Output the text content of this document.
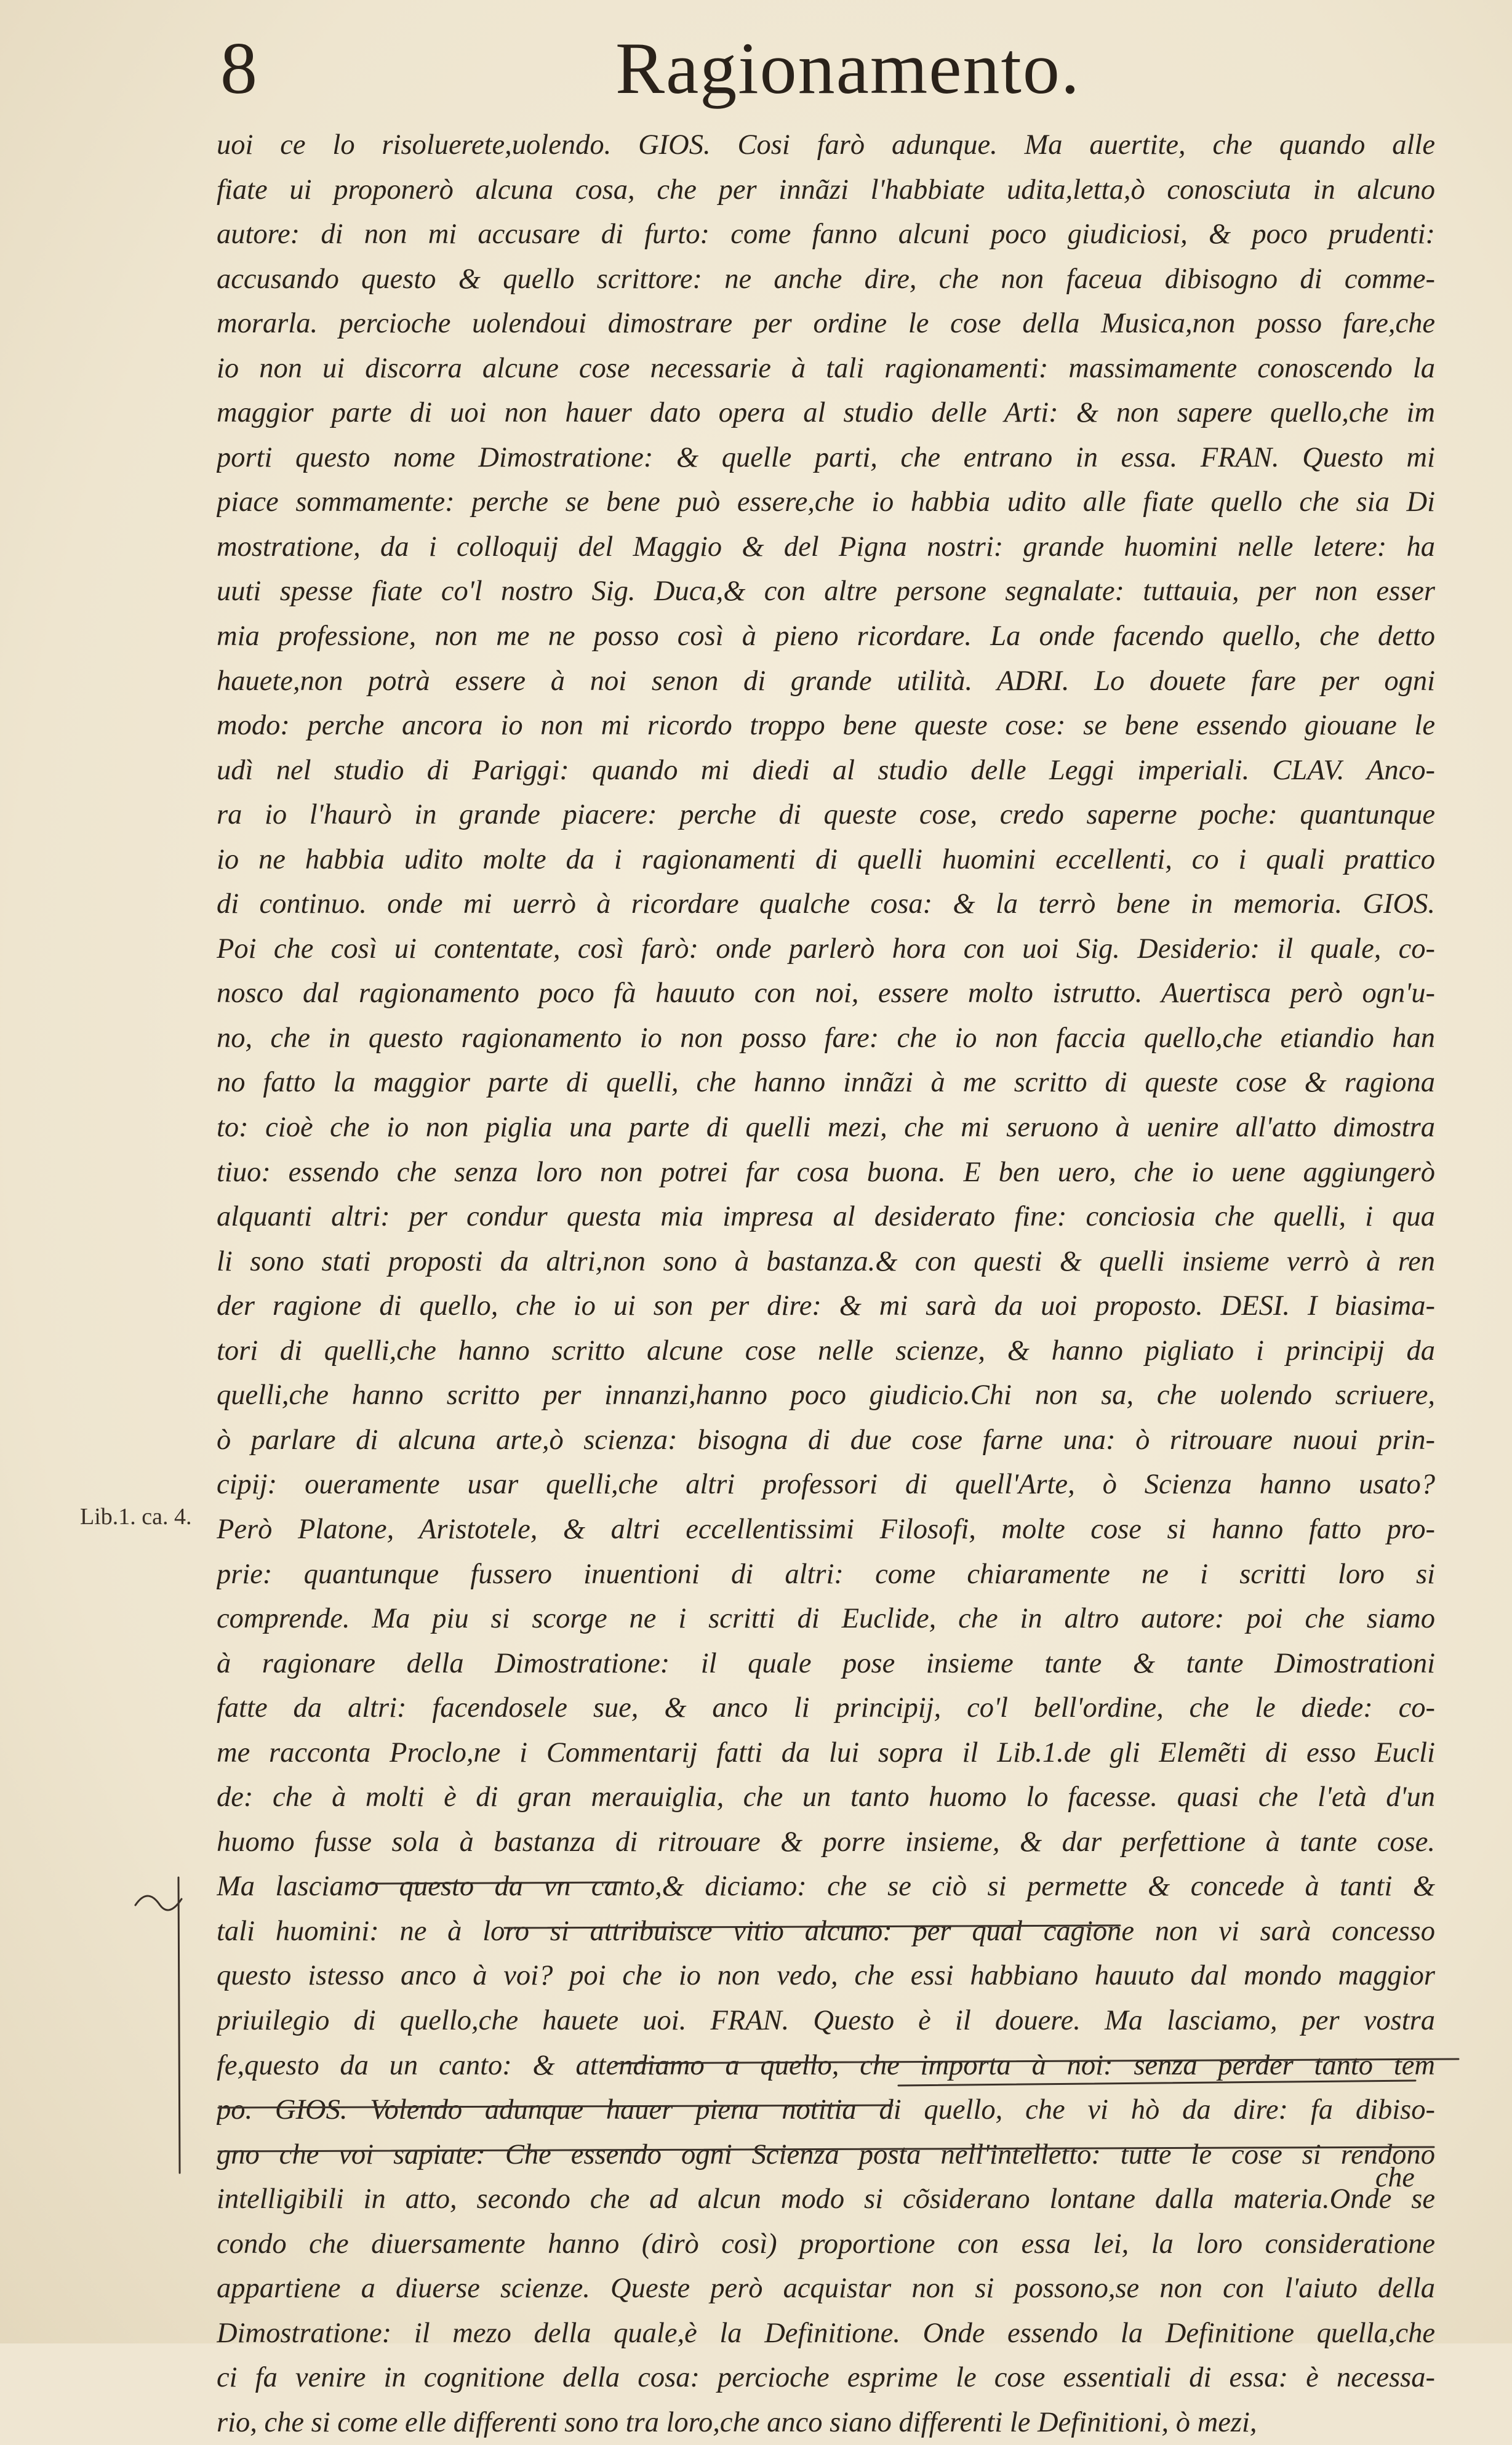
8	Ragionamento.
uoi ce lo risoluerete,uolendo. GIOS. Cosi farò adunque. Ma auertite, che quando alle
fiate ui proponerò alcuna cosa, che per innãzi l'habbiate udita,letta,ò conosciuta in alcuno
autore: di non mi accusare di furto: come fanno alcuni poco giudiciosi, & poco prudenti:
accusando questo & quello scrittore: ne anche dire, che non faceua dibisogno di comme-
morarla. percioche uolendoui dimostrare per ordine le cose della Musica,non posso fare,che
io non ui discorra alcune cose necessarie à tali ragionamenti: massimamente conoscendo la
maggior parte di uoi non hauer dato opera al studio delle Arti: & non sapere quello,che im
porti questo nome Dimostratione: & quelle parti, che entrano in essa. FRAN. Questo mi
piace sommamente: perche se bene può essere,che io habbia udito alle fiate quello che sia Di
mostratione, da i colloquij del Maggio & del Pigna nostri: grande huomini nelle letere: ha
uuti spesse fiate co'l nostro Sig. Duca,& con altre persone segnalate: tuttauia, per non esser
mia professione, non me ne posso così à pieno ricordare. La onde facendo quello, che detto
hauete,non potrà essere à noi senon di grande utilità. ADRI. Lo douete fare per ogni
modo: perche ancora io non mi ricordo troppo bene queste cose: se bene essendo giouane le
udì nel studio di Pariggi: quando mi diedi al studio delle Leggi imperiali. CLAV. Anco-
ra io l'haurò in grande piacere: perche di queste cose, credo saperne poche: quantunque
io ne habbia udito molte da i ragionamenti di quelli huomini eccellenti, co i quali prattico
di continuo. onde mi uerrò à ricordare qualche cosa: & la terrò bene in memoria. GIOS.
Poi che così ui contentate, così farò: onde parlerò hora con uoi Sig. Desiderio: il quale, co-
nosco dal ragionamento poco fà hauuto con noi, essere molto istrutto. Auertisca però ogn'u-
no, che in questo ragionamento io non posso fare: che io non faccia quello,che etiandio han
no fatto la maggior parte di quelli, che hanno innãzi à me scritto di queste cose & ragiona
to: cioè che io non piglia una parte di quelli mezi, che mi seruono à uenire all'atto dimostra
tiuo: essendo che senza loro non potrei far cosa buona. E ben uero, che io uene aggiungerò
alquanti altri: per condur questa mia impresa al desiderato fine: conciosia che quelli, i qua
li sono stati proposti da altri,non sono à bastanza.& con questi & quelli insieme verrò à ren
der ragione di quello, che io ui son per dire: & mi sarà da uoi proposto. DESI. I biasima-
tori di quelli,che hanno scritto alcune cose nelle scienze, & hanno pigliato i principij da
quelli,che hanno scritto per innanzi,hanno poco giudicio.Chi non sa, che uolendo scriuere,
ò parlare di alcuna arte,ò scienza: bisogna di due cose farne una: ò ritrouare nuoui prin-
cipij: oueramente usar quelli,che altri professori di quell'Arte, ò Scienza hanno usato?
Però Platone, Aristotele, & altri eccellentissimi Filosofi, molte cose si hanno fatto pro-
prie: quantunque fussero inuentioni di altri: come chiaramente ne i scritti loro si
comprende. Ma piu si scorge ne i scritti di Euclide, che in altro autore: poi che siamo
à ragionare della Dimostratione: il quale pose insieme tante & tante Dimostrationi
fatte da altri: facendosele sue, & anco li principij, co'l bell'ordine, che le diede: co-
me racconta Proclo,ne i Commentarij fatti da lui sopra il Lib.1.de gli Elemẽti di esso Eucli
de: che à molti è di gran merauiglia, che un tanto huomo lo facesse. quasi che l'età d'un
huomo fusse sola à bastanza di ritrouare & porre insieme, & dar perfettione à tante cose.
Ma lasciamo questo da vn canto,& diciamo: che se ciò si permette & concede à tanti &
tali huomini: ne à loro si attribuisce vitio alcuno: per qual cagione non vi sarà concesso
questo istesso anco à voi? poi che io non vedo, che essi habbiano hauuto dal mondo maggior
priuilegio di quello,che hauete uoi. FRAN. Questo è il douere. Ma lasciamo, per vostra
fe,questo da un canto: & attendiamo a quello, che importa à noi: senza perder tanto tem
po. GIOS. Volendo adunque hauer piena notitia di quello, che vi hò da dire: fa dibiso-
gno che voi sapiate: Che essendo ogni Scienza posta nell'intelletto: tutte le cose si rendono
intelligibili in atto, secondo che ad alcun modo si cõsiderano lontane dalla materia.Onde se
condo che diuersamente hanno (dirò così) proportione con essa lei, la loro consideratione
appartiene a diuerse scienze. Queste però acquistar non si possono,se non con l'aiuto della
Dimostratione: il mezo della quale,è la Definitione. Onde essendo la Definitione quella,che
ci fa venire in cognitione della cosa: percioche esprime le cose essentiali di essa: è necessa-
rio, che si come elle differenti sono tra loro,che anco siano differenti le Definitioni, ò mezi,
Lib.1. ca. 4.
che
